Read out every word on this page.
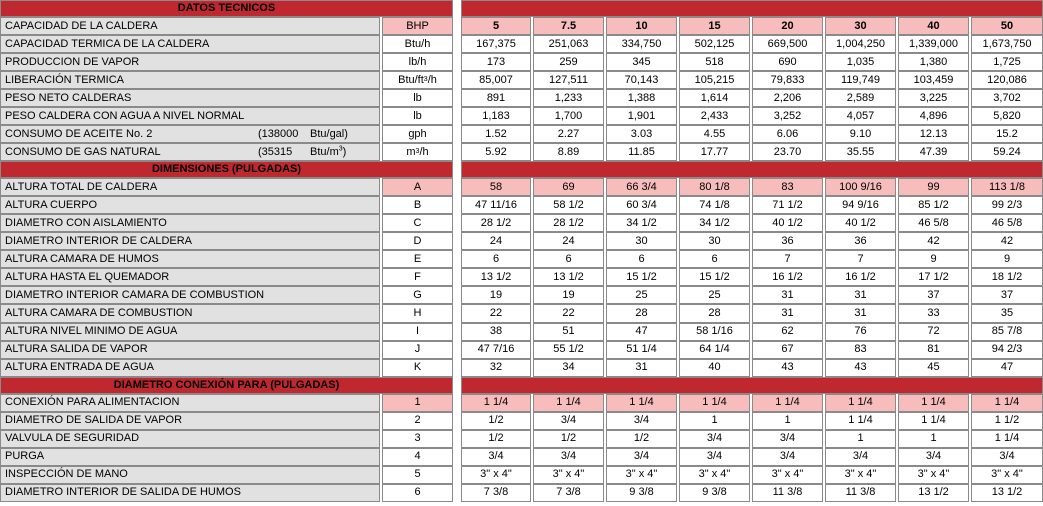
DATOS TECNICOS
CAPACIDAD DE LA CALDERA	BHP	5	7.5	10	15	20	30	40	50
CAPACIDAD TERMICA DE LA CALDERA	Btu/h	167,375	251,063	334,750	502,125	669,500	1,004,250	1,339,000	1,673,750
PRODUCCION DE VAPOR	lb/h	173	259	345	518	690	1,035	1,380	1,725
LIBERACIÓN TERMICA	Btu/ft 3 /h	85,007	127,511	70,143	105,215	79,833	119,749	103,459	120,086
PESO NETO CALDERAS	lb	891	1,233	1,388	1,614	2,206	2,589	3,225	3,702
PESO CALDERA CON AGUA A NIVEL NORMAL	lb	1,183	1,700	1,901	2,433	3,252	4,057	4,896	5,820
CONSUMO DE ACEITE No. 2	(138000	Btu/gal)	gph	1.52	2.27	3.03	4.55	6.06	9.10	12.13	15.2
CONSUMO DE GAS NATURAL	(35315	Btu/$m^3$)	m 3 /h	5.92	8.89	11.85	17.77	23.70	35.55	47.39	59.24
DIMENSIONES (PULGADAS)
ALTURA TOTAL DE CALDERA	A	58	69	66 3/4	80 1/8	83	100 9/16	99	113 1/8
ALTURA CUERPO	B	47 11/16	58 1/2	60 3/4	74 1/8	71 1/2	94 9/16	85 1/2	99 2/3
DIAMETRO CON AISLAMIENTO	C	28 1/2	28 1/2	34 1/2	34 1/2	40 1/2	40 1/2	46 5/8	46 5/8
DIAMETRO INTERIOR DE CALDERA	D	24	24	30	30	36	36	42	42
ALTURA CAMARA DE HUMOS	E	6	6	6	6	7	7	9	9
ALTURA HASTA EL QUEMADOR	F	13 1/2	13 1/2	15 1/2	15 1/2	16 1/2	16 1/2	17 1/2	18 1/2
DIAMETRO INTERIOR CAMARA DE COMBUSTION	G	19	19	25	25	31	31	37	37
ALTURA CAMARA DE COMBUSTION	H	22	22	28	28	31	31	33	35
ALTURA NIVEL MINIMO DE AGUA	I	38	51	47	58 1/16	62	76	72	85 7/8
ALTURA SALIDA DE VAPOR	J	47 7/16	55 1/2	51 1/4	64 1/4	67	83	81	94 2/3
ALTURA ENTRADA DE AGUA	K	32	34	31	40	43	43	45	47
DIAMETRO CONEXIÓN PARA (PULGADAS)
CONEXIÓN PARA ALIMENTACION	1	1 1/4	1 1/4	1 1/4	1 1/4	1 1/4	1 1/4	1 1/4	1 1/4
DIAMETRO DE SALIDA DE VAPOR	2	1/2	3/4	3/4	1	1	1 1/4	1 1/4	1 1/2
VALVULA DE SEGURIDAD	3	1/2	1/2	1/2	3/4	3/4	1	1	1 1/4
PURGA	4	3/4	3/4	3/4	3/4	3/4	3/4	3/4	3/4
INSPECCIÓN DE MANO	5	3" x 4"	3" x 4"	3" x 4"	3" x 4"	3" x 4"	3" x 4"	3" x 4"	3" x 4"
DIAMETRO INTERIOR DE SALIDA DE HUMOS	6	7 3/8	7 3/8	9 3/8	9 3/8	11 3/8	11 3/8	13 1/2	13 1/2
